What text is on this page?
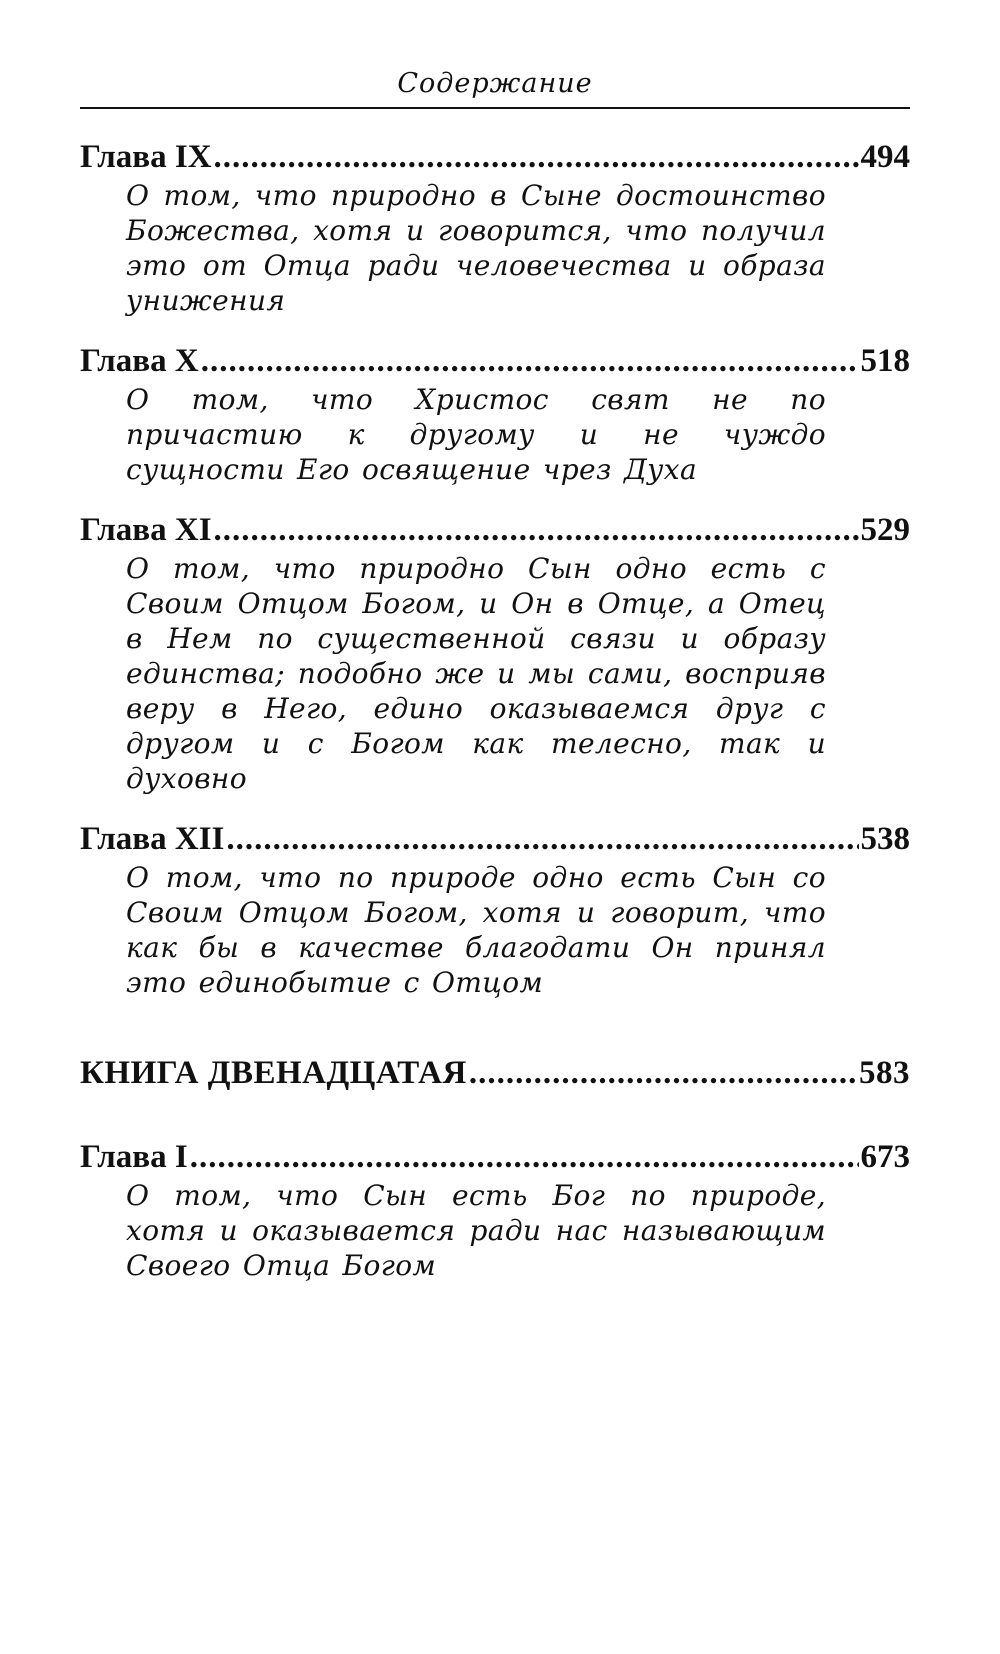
Содержание
Глава IX .....	494
О том, что природно в Сыне достоинство Божества, хотя и говорится, что получил это от Отца ради человечества и образа унижения
Глава X .....	518
О том, что Христос свят не по причастию к другому и не чуждо сущности Его освящение чрез Духа
Глава XI .....	529
О том, что природно Сын одно есть с Своим Отцом Богом, и Он в Отце, а Отец в Нем по существенной связи и образу единства; подобно же и мы сами, восприяв веру в Него, едино оказываемся друг с другом и с Богом как телесно, так и духовно
Глава XII .....	538
О том, что по природе одно есть Сын со Своим Отцом Богом, хотя и говорит, что как бы в качестве благодати Он принял это единобытие с Отцом
КНИГА ДВЕНАДЦАТАЯ .....	583
Глава I .....	673
О том, что Сын есть Бог по природе, хотя и оказывается ради нас называющим Своего Отца Богом
